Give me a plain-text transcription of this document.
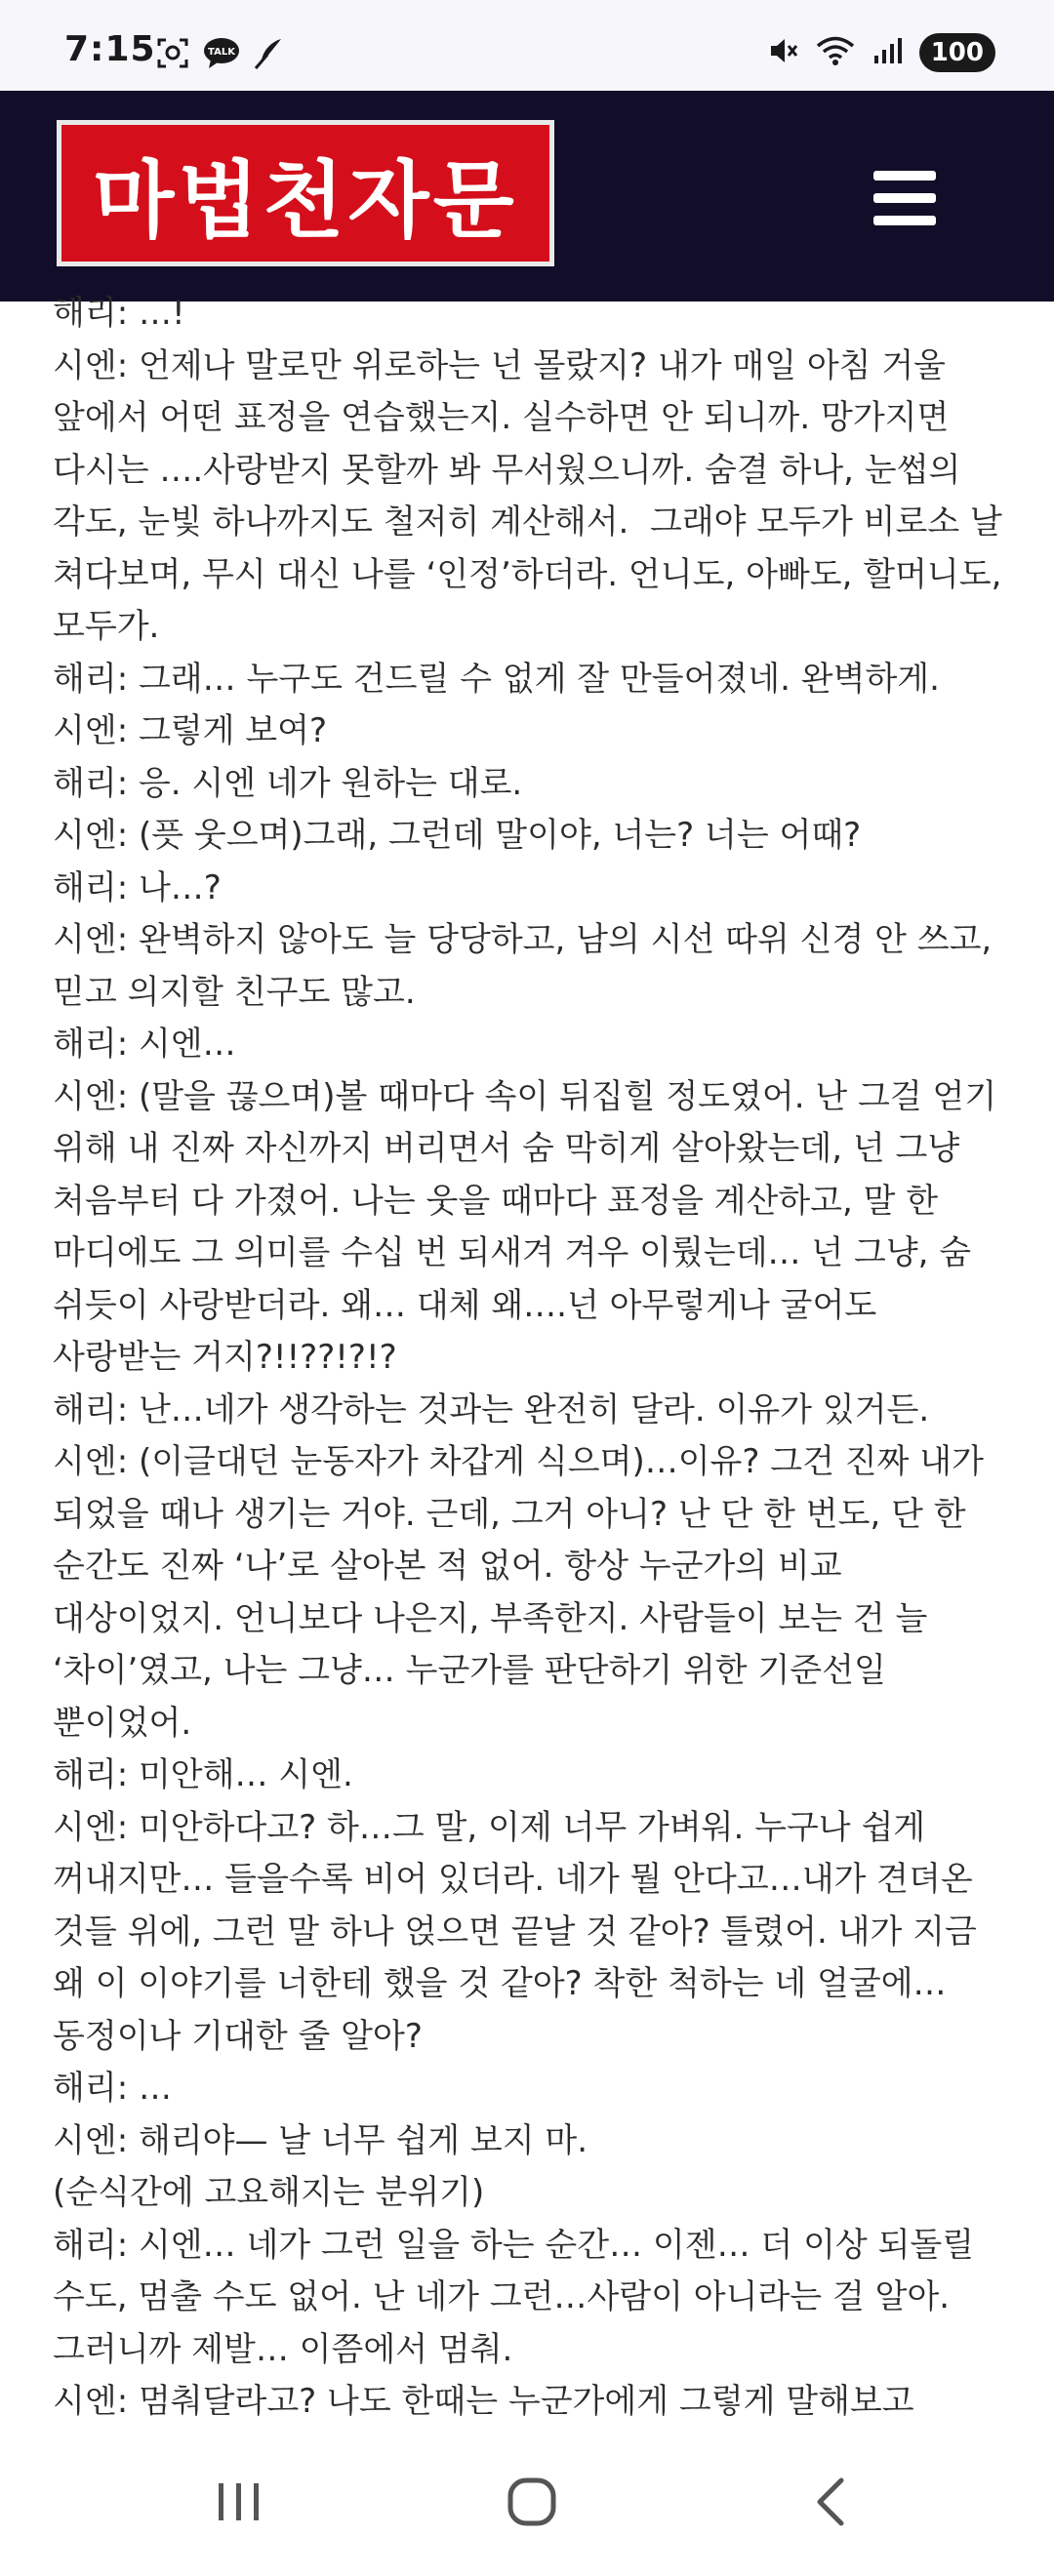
7:15	TALK	100
마법천자문

해리: …!

시엔: 언제나 말로만 위로하는 넌 몰랐지? 내가 매일 아침 거울 앞에서 어떤 표정을 연습했는지. 실수하면 안 되니까. 망가지면 다시는 ….사랑받지 못할까 봐 무서웠으니까. 숨결 하나, 눈썹의 각도, 눈빛 하나까지도 철저히 계산해서.  그래야 모두가 비로소 날 쳐다보며, 무시 대신 나를 ‘인정’하더라. 언니도, 아빠도, 할머니도, 모두가.

해리: 그래… 누구도 건드릴 수 없게 잘 만들어졌네. 완벽하게.

시엔: 그렇게 보여?

해리: 응. 시엔 네가 원하는 대로.

시엔: (픗 웃으며)그래, 그런데 말이야, 너는? 너는 어때?

해리: 나…?

시엔: 완벽하지 않아도 늘 당당하고, 남의 시선 따위 신경 안 쓰고, 믿고 의지할 친구도 많고.

해리: 시엔…

시엔: (말을 끊으며)볼 때마다 속이 뒤집힐 정도였어. 난 그걸 얻기 위해 내 진짜 자신까지 버리면서 숨 막히게 살아왔는데, 넌 그냥 처음부터 다 가졌어. 나는 웃을 때마다 표정을 계산하고, 말 한 마디에도 그 의미를 수십 번 되새겨 겨우 이뤘는데… 넌 그냥, 숨 쉬듯이 사랑받더라. 왜… 대체 왜….넌 아무렇게나 굴어도 사랑받는 거지?!!??!?!?

해리: 난…네가 생각하는 것과는 완전히 달라. 이유가 있거든.

시엔: (이글대던 눈동자가 차갑게 식으며)…이유? 그건 진짜 내가 되었을 때나 생기는 거야. 근데, 그거 아니? 난 단 한 번도, 단 한 순간도 진짜 ‘나’로 살아본 적 없어. 항상 누군가의 비교 대상이었지. 언니보다 나은지, 부족한지. 사람들이 보는 건 늘 ‘차이’였고, 나는 그냥… 누군가를 판단하기 위한 기준선일 뿐이었어.

해리: 미안해… 시엔.

시엔: 미안하다고? 하…그 말, 이제 너무 가벼워. 누구나 쉽게 꺼내지만… 들을수록 비어 있더라. 네가 뭘 안다고…내가 견뎌온 것들 위에, 그런 말 하나 얹으면 끝날 것 같아? 틀렸어. 내가 지금 왜 이 이야기를 너한테 했을 것 같아? 착한 척하는 네 얼굴에… 동정이나 기대한 줄 알아?

해리: …

시엔: 해리야— 날 너무 쉽게 보지 마.

(순식간에 고요해지는 분위기)

해리: 시엔… 네가 그런 일을 하는 순간… 이젠… 더 이상 되돌릴 수도, 멈출 수도 없어. 난 네가 그런…사람이 아니라는 걸 알아. 그러니까 제발… 이쯤에서 멈춰.

시엔: 멈춰달라고? 나도 한때는 누군가에게 그렇게 말해보고
